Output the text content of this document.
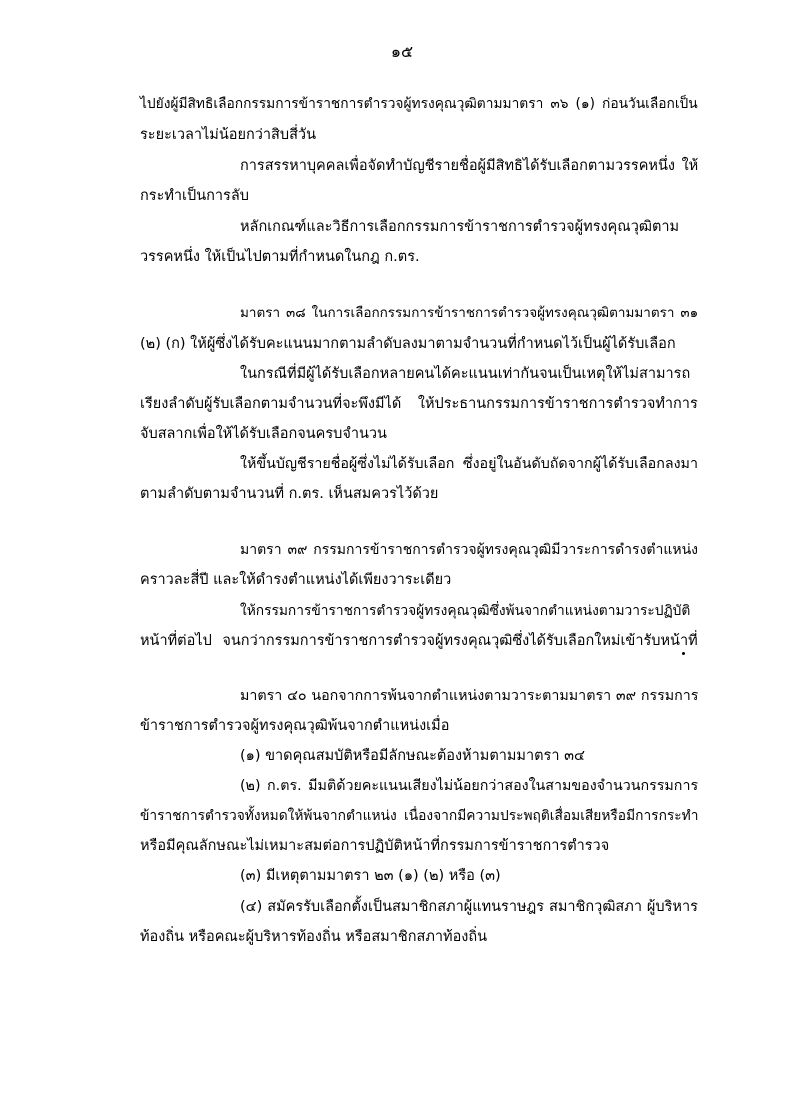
๑๕
ไปยังผู้มีสิทธิเลือกกรรมการข้าราชการตำรวจผู้ทรงคุณวุฒิตามมาตรา ๓๖ (๑) ก่อนวันเลือกเป็น
ระยะเวลาไม่น้อยกว่าสิบสี่วัน
การสรรหาบุคคลเพื่อจัดทำบัญชีรายชื่อผู้มีสิทธิได้รับเลือกตามวรรคหนึ่ง ให้
กระทำเป็นการลับ
หลักเกณฑ์และวิธีการเลือกกรรมการข้าราชการตำรวจผู้ทรงคุณวุฒิตาม
วรรคหนึ่ง ให้เป็นไปตามที่กำหนดในกฎ ก.ตร.
มาตรา ๓๘ ในการเลือกกรรมการข้าราชการตำรวจผู้ทรงคุณวุฒิตามมาตรา ๓๑
(๒) (ก) ให้ผู้ซึ่งได้รับคะแนนมากตามลำดับลงมาตามจำนวนที่กำหนดไว้เป็นผู้ได้รับเลือก
ในกรณีที่มีผู้ได้รับเลือกหลายคนได้คะแนนเท่ากันจนเป็นเหตุให้ไม่สามารถ
เรียงลำดับผู้รับเลือกตามจำนวนที่จะพึงมีได้ ให้ประธานกรรมการข้าราชการตำรวจทำการ
จับสลากเพื่อให้ได้รับเลือกจนครบจำนวน
ให้ขึ้นบัญชีรายชื่อผู้ซึ่งไม่ได้รับเลือก ซึ่งอยู่ในอันดับถัดจากผู้ได้รับเลือกลงมา
ตามลำดับตามจำนวนที่ ก.ตร. เห็นสมควรไว้ด้วย
มาตรา ๓๙ กรรมการข้าราชการตำรวจผู้ทรงคุณวุฒิมีวาระการดำรงตำแหน่ง
คราวละสี่ปี และให้ดำรงตำแหน่งได้เพียงวาระเดียว
ให้กรรมการข้าราชการตำรวจผู้ทรงคุณวุฒิซึ่งพ้นจากตำแหน่งตามวาระปฏิบัติ
หน้าที่ต่อไป จนกว่ากรรมการข้าราชการตำรวจผู้ทรงคุณวุฒิซึ่งได้รับเลือกใหม่เข้ารับหน้าที่
มาตรา ๔๐ นอกจากการพ้นจากตำแหน่งตามวาระตามมาตรา ๓๙ กรรมการ
ข้าราชการตำรวจผู้ทรงคุณวุฒิพ้นจากตำแหน่งเมื่อ
(๑) ขาดคุณสมบัติหรือมีลักษณะต้องห้ามตามมาตรา ๓๔
(๒) ก.ตร. มีมติด้วยคะแนนเสียงไม่น้อยกว่าสองในสามของจำนวนกรรมการ
ข้าราชการตำรวจทั้งหมดให้พ้นจากตำแหน่ง เนื่องจากมีความประพฤติเสื่อมเสียหรือมีการกระทำ
หรือมีคุณลักษณะไม่เหมาะสมต่อการปฏิบัติหน้าที่กรรมการข้าราชการตำรวจ
(๓) มีเหตุตามมาตรา ๒๓ (๑) (๒) หรือ (๓)
(๔) สมัครรับเลือกตั้งเป็นสมาชิกสภาผู้แทนราษฎร สมาชิกวุฒิสภา ผู้บริหาร
ท้องถิ่น หรือคณะผู้บริหารท้องถิ่น หรือสมาชิกสภาท้องถิ่น
